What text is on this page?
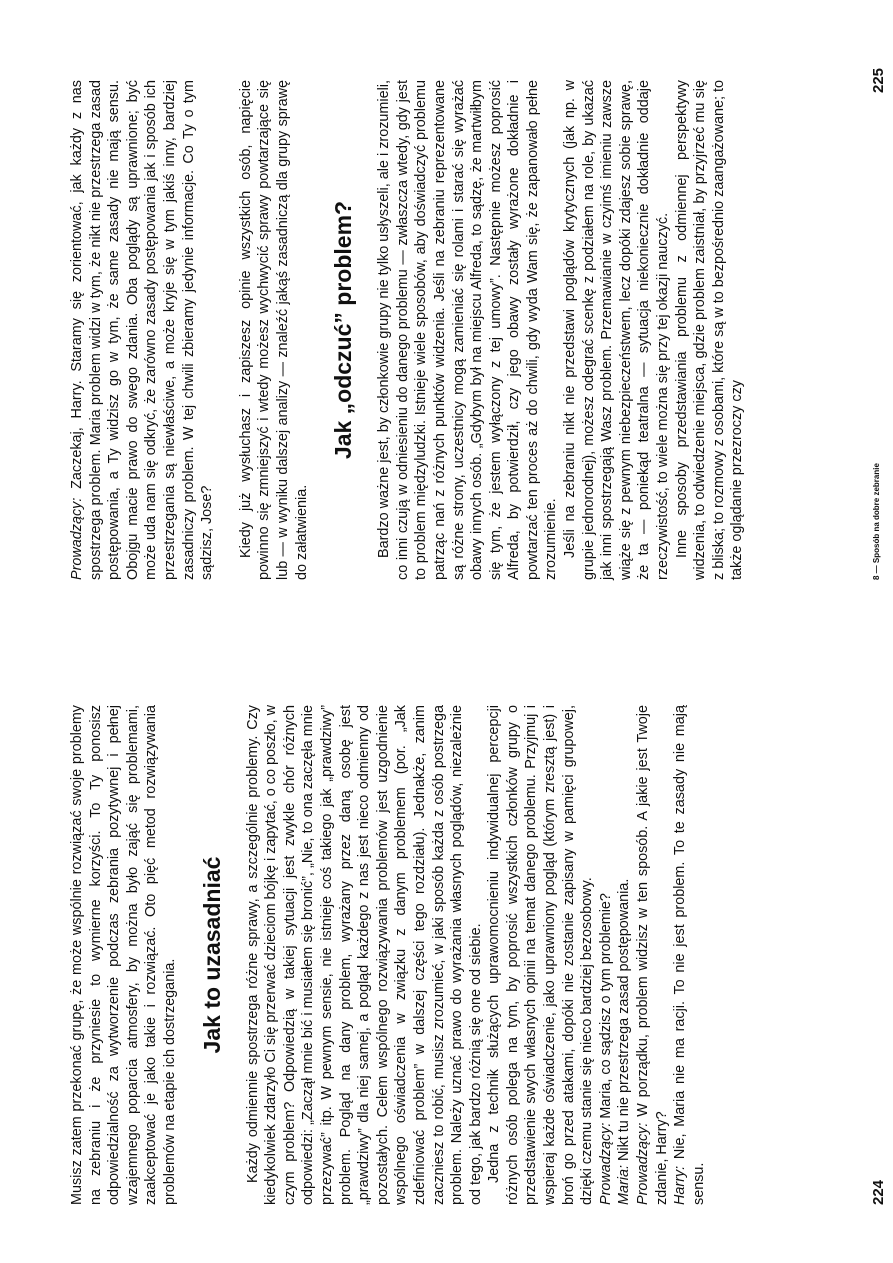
Musisz zatem przekonać grupę, że może wspólnie rozwiązać swoje problemy na zebraniu i że przyniesie to wymierne korzyści. To Ty ponosisz odpowiedzialność za wytworzenie podczas zebrania pozytywnej i pełnej wzajemnego poparcia atmosfery, by można było zająć się problemami, zaakceptować je jako takie i rozwiązać. Oto pięć metod rozwiązywania problemów na etapie ich dostrzegania.

Jak to uzasadniać Każdy odmiennie spostrzega różne sprawy, a szczególnie problemy. Czy kiedykolwiek zdarzyło Ci się przerwać dzieciom bójkę i zapytać, o co poszło, w czym problem? Odpowiedzią w takiej sytuacji jest zwykle chór różnych odpowiedzi: „Zaczął mnie bić i musiałem się bronić”, „Nie, to ona zaczęła mnie przezywać” itp. W pewnym sensie, nie istnieje coś takiego jak „prawdziwy” problem. Pogląd na dany problem, wyrażany przez daną osobę jest „prawdziwy” dla niej samej, a pogląd każdego z nas jest nieco odmienny od pozostałych. Celem wspólnego rozwiązywania problemów jest uzgodnienie wspólnego oświadczenia w związku z danym problemem (por. „Jak zdefiniować problem” w dalszej części tego rozdziału). Jednakże, zanim zaczniesz to robić, musisz zrozumieć, w jaki sposób każda z osób postrzega problem. Należy uznać prawo do wyrażania własnych poglądów, niezależnie od tego, jak bardzo różnią się one od siebie. Jedna z technik służących uprawomocnieniu indywidualnej percepcji różnych osób polega na tym, by poprosić wszystkich członków grupy o przedstawienie swych własnych opinii na temat danego problemu. Przyjmuj i wspieraj każde oświadczenie, jako uprawniony pogląd (którym zresztą jest) i broń go przed atakami, dopóki nie zostanie zapisany w pamięci grupowej, dzięki czemu stanie się nieco bardziej bezosobowy. Prowadzący: Maria, co sądzisz o tym problemie?

Maria: Nikt tu nie przestrzega zasad postępowania. Prowadzący: W porządku, problem widzisz w ten sposób. A jakie jest Twoje zdanie, Harry? Harry: Nie, Maria nie ma racji. To nie jest problem. To te zasady nie mają sensu.	224

Prowadzący: Zaczekaj, Harry. Staramy się zorientować, jak każdy z nas spostrzega problem. Maria problem widzi w tym, że nikt nie przestrzega zasad postępowania, a Ty widzisz go w tym, że same zasady nie mają sensu. Obojgu macie prawo do swego zdania. Oba poglądy są uprawnione; być może uda nam się odkryć, że zarówno zasady postępowania jak i sposób ich przestrzegania są niewłaściwe, a może kryje się w tym jakiś inny, bardziej zasadniczy problem. W tej chwili zbieramy jedynie informacje. Co Ty o tym sądzisz, Jose? Kiedy już wysłuchasz i zapiszesz opinie wszystkich osób, napięcie powinno się zmniejszyć i wtedy możesz wychwycić sprawy powtarzające się lub — w wyniku dalszej analizy — znaleźć jakąś zasadniczą dla grupy sprawę do załatwienia.

Jak „odczuć” problem? Bardzo ważne jest, by członkowie grupy nie tylko usłyszeli, ale i zrozumieli, co inni czują w odniesieniu do danego problemu — zwłaszcza wtedy, gdy jest to problem międzyludzki. Istnieje wiele sposobów, aby doświadczyć problemu patrząc nań z różnych punktów widzenia. Jeśli na zebraniu reprezentowane są różne strony, uczestnicy mogą zamieniać się rolami i starać się wyrażać obawy innych osób. „Gdybym był na miejscu Alfreda, to sądzę, że martwiłbym się tym, że jestem wyłączony z tej umowy”. Następnie możesz poprosić Alfreda, by potwierdził, czy jego obawy zostały wyrażone dokładnie i powtarzać ten proces aż do chwili, gdy wyda Wam się, że zapanowało pełne zrozumienie. Jeśli na zebraniu nikt nie przedstawi poglądów krytycznych (jak np. w grupie jednorodnej), możesz odegrać scenkę z podziałem na role, by ukazać jak inni spostrzegają Wasz problem. Przemawianie w czyimś imieniu zawsze wiąże się z pewnym niebezpieczeństwem, lecz dopóki zdajesz sobie sprawę, że ta — poniekąd teatralna — sytuacja niekoniecznie dokładnie oddaje rzeczywistość, to wiele można się przy tej okazji nauczyć. Inne sposoby przedstawiania problemu z odmiennej perspektywy widzenia, to odwiedzenie miejsca, gdzie problem zaistniał, by przyjrzeć mu się z bliska; to rozmowy z osobami, które są w to bezpośrednio zaangażowane; to także oglądanie przezroczy czy	8 — Sposób na dobre zebranie
225
